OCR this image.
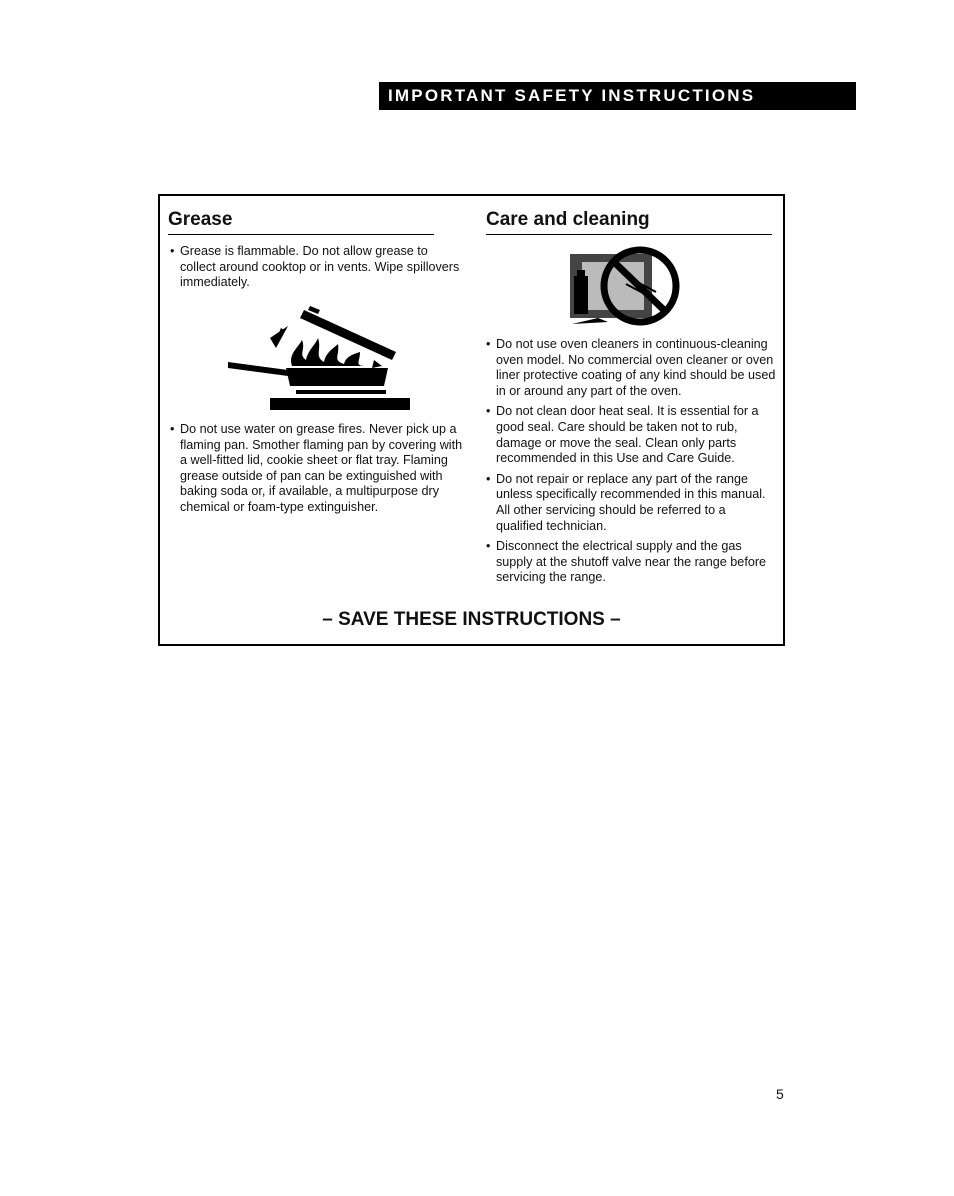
IMPORTANT SAFETY INSTRUCTIONS
Grease	Care and cleaning
• Grease is flammable. Do not allow grease to collect around cooktop or in vents. Wipe spillovers immediately.
• Do not use water on grease fires. Never pick up a flaming pan. Smother flaming pan by covering with a well-fitted lid, cookie sheet or flat tray. Flaming grease outside of pan can be extinguished with baking soda or, if available, a multipurpose dry chemical or foam-type extinguisher.
• Do not use oven cleaners in continuous-cleaning oven model. No commercial oven cleaner or oven liner protective coating of any kind should be used in or around any part of the oven.
• Do not clean door heat seal. It is essential for a good seal. Care should be taken not to rub, damage or move the seal. Clean only parts recommended in this Use and Care Guide.
• Do not repair or replace any part of the range unless specifically recommended in this manual. All other servicing should be referred to a qualified technician.
• Disconnect the electrical supply and the gas supply at the shutoff valve near the range before servicing the range.
– SAVE THESE INSTRUCTIONS –
5
